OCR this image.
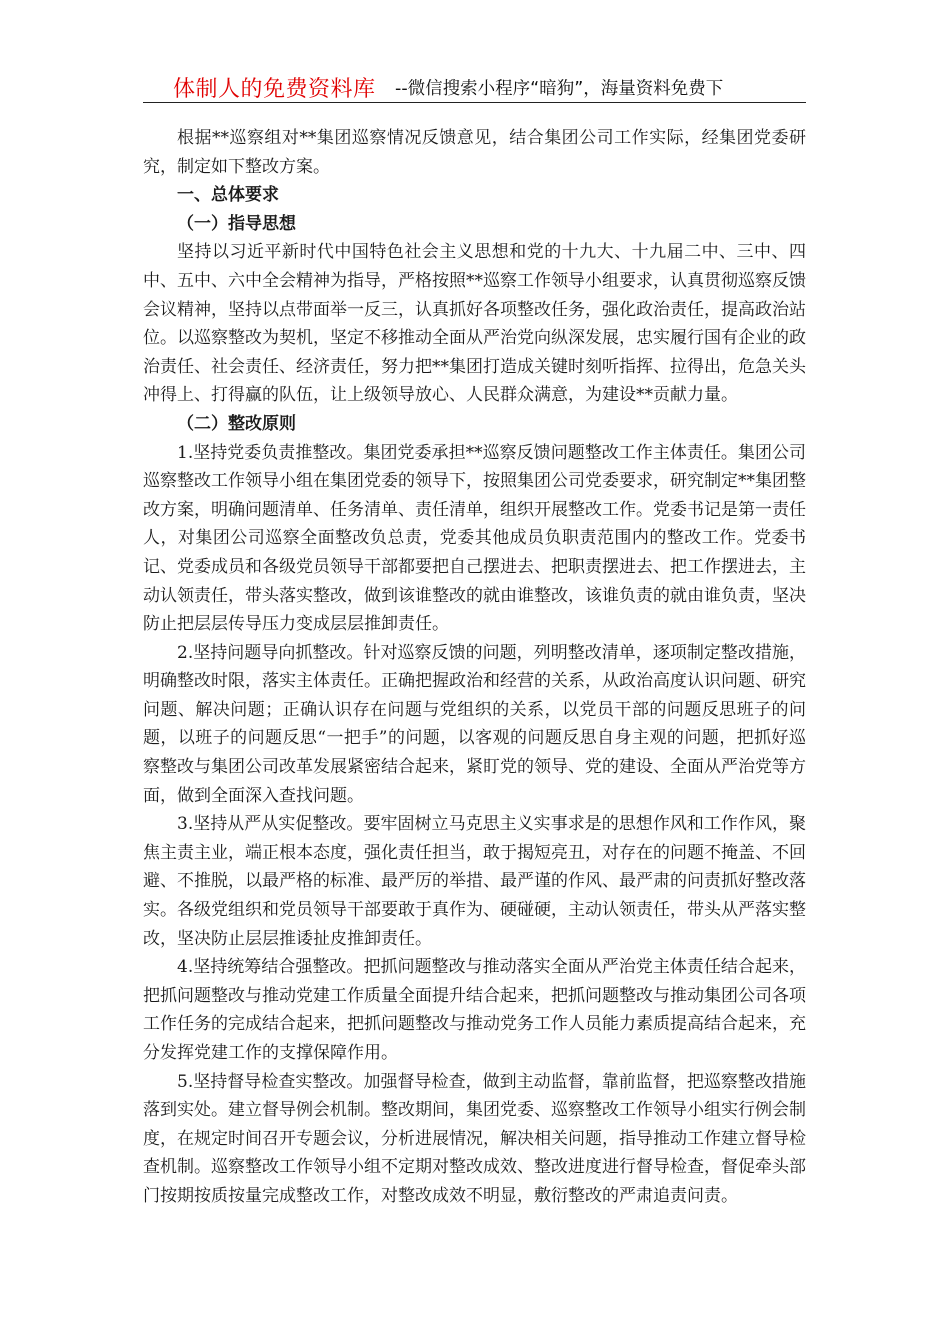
体制人的免费资料库 --微信搜索小程序“暗狗”，海量资料免费下

根据**巡察组对**集团巡察情况反馈意见，结合集团公司工作实际，经集团党委研究，制定如下整改方案。

一、总体要求

（一）指导思想

坚持以习近平新时代中国特色社会主义思想和党的十九大、十九届二中、三中、四中、五中、六中全会精神为指导，严格按照**巡察工作领导小组要求，认真贯彻巡察反馈会议精神，坚持以点带面举一反三，认真抓好各项整改任务，强化政治责任，提高政治站位。以巡察整改为契机，坚定不移推动全面从严治党向纵深发展，忠实履行国有企业的政治责任、社会责任、经济责任，努力把**集团打造成关键时刻听指挥、拉得出，危急关头冲得上、打得赢的队伍，让上级领导放心、人民群众满意，为建设**贡献力量。

（二）整改原则

1.坚持党委负责推整改。集团党委承担**巡察反馈问题整改工作主体责任。集团公司巡察整改工作领导小组在集团党委的领导下，按照集团公司党委要求，研究制定**集团整改方案，明确问题清单、任务清单、责任清单，组织开展整改工作。党委书记是第一责任人，对集团公司巡察全面整改负总责，党委其他成员负职责范围内的整改工作。党委书记、党委成员和各级党员领导干部都要把自己摆进去、把职责摆进去、把工作摆进去，主动认领责任，带头落实整改，做到该谁整改的就由谁整改，该谁负责的就由谁负责，坚决防止把层层传导压力变成层层推卸责任。

2.坚持问题导向抓整改。针对巡察反馈的问题，列明整改清单，逐项制定整改措施，明确整改时限，落实主体责任。正确把握政治和经营的关系，从政治高度认识问题、研究问题、解决问题；正确认识存在问题与党组织的关系，以党员干部的问题反思班子的问题，以班子的问题反思“一把手”的问题，以客观的问题反思自身主观的问题，把抓好巡察整改与集团公司改革发展紧密结合起来，紧盯党的领导、党的建设、全面从严治党等方面，做到全面深入查找问题。

3.坚持从严从实促整改。要牢固树立马克思主义实事求是的思想作风和工作作风，聚焦主责主业，端正根本态度，强化责任担当，敢于揭短亮丑，对存在的问题不掩盖、不回避、不推脱，以最严格的标准、最严厉的举措、最严谨的作风、最严肃的问责抓好整改落实。各级党组织和党员领导干部要敢于真作为、硬碰硬，主动认领责任，带头从严落实整改，坚决防止层层推诿扯皮推卸责任。

4.坚持统筹结合强整改。把抓问题整改与推动落实全面从严治党主体责任结合起来，把抓问题整改与推动党建工作质量全面提升结合起来，把抓问题整改与推动集团公司各项工作任务的完成结合起来，把抓问题整改与推动党务工作人员能力素质提高结合起来，充分发挥党建工作的支撑保障作用。

5.坚持督导检查实整改。加强督导检查，做到主动监督，靠前监督，把巡察整改措施落到实处。建立督导例会机制。整改期间，集团党委、巡察整改工作领导小组实行例会制度，在规定时间召开专题会议，分析进展情况，解决相关问题，指导推动工作建立督导检查机制。巡察整改工作领导小组不定期对整改成效、整改进度进行督导检查，督促牵头部门按期按质按量完成整改工作，对整改成效不明显，敷衍整改的严肃追责问责。
